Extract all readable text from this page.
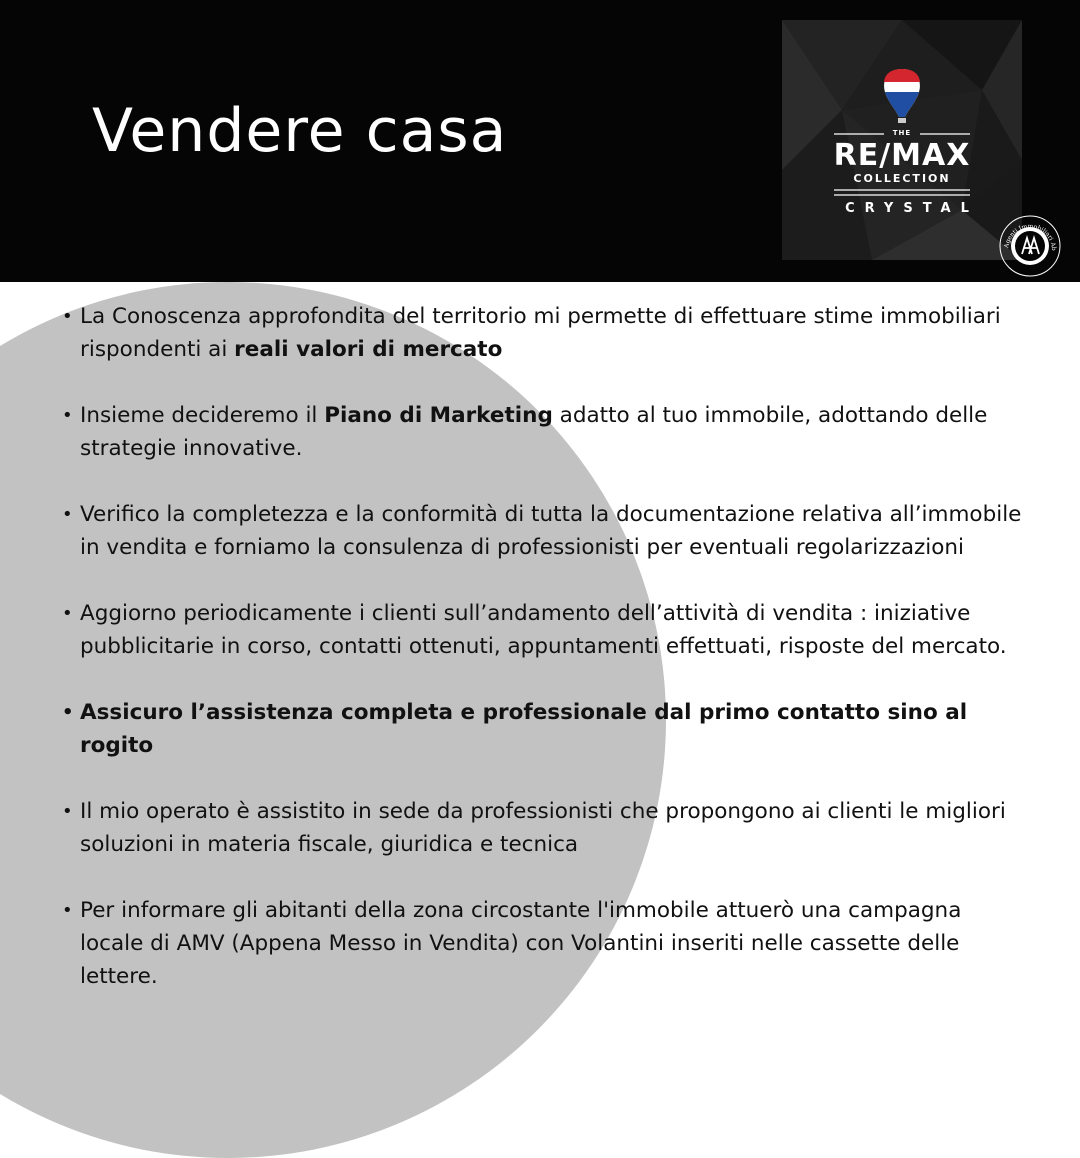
Vendere casa	THE
RE/MAX
COLLECTION
CRYSTAL
Agenti Immobiliari Ab
• La Conoscenza approfondita del territorio mi permette di effettuare stime immobiliari rispondenti ai reali valori di mercato
• Insieme decideremo il Piano di Marketing adatto al tuo immobile, adottando delle strategie innovative.
• Verifico la completezza e la conformità di tutta la documentazione relativa all’immobile in vendita e forniamo la consulenza di professionisti per eventuali regolarizzazioni
• Aggiorno periodicamente i clienti sull’andamento dell’attività di vendita : iniziative pubblicitarie in corso, contatti ottenuti, appuntamenti effettuati, risposte del mercato.
• Assicuro l’assistenza completa e professionale dal primo contatto sino al rogito
• Il mio operato è assistito in sede da professionisti che propongono ai clienti le migliori soluzioni in materia fiscale, giuridica e tecnica
• Per informare gli abitanti della zona circostante l'immobile attuerò una campagna locale di AMV (Appena Messo in Vendita) con Volantini inseriti nelle cassette delle lettere.
